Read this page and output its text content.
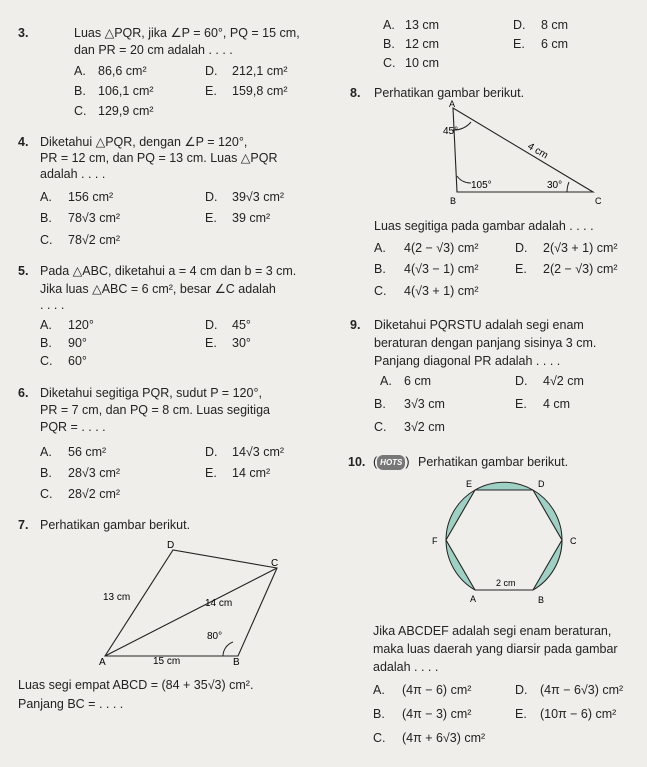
3.	Luas △PQR, jika ∠P = 60°, PQ = 15 cm,
dan PR = 20 cm adalah . . . .
A. 86,6 cm²	D. 212,1 cm²
B. 106,1 cm²	E. 159,8 cm²
C. 129,9 cm²
4. Diketahui △PQR, dengan ∠P = 120°,
PR = 12 cm, dan PQ = 13 cm. Luas △PQR
adalah . . . .
A. 156 cm²	D. 39√3 cm²
B. 78√3 cm²	E. 39 cm²
C. 78√2 cm²
5. Pada △ABC, diketahui a = 4 cm dan b = 3 cm.
Jika luas △ABC = 6 cm², besar ∠C adalah
. . . .
A. 120°	D. 45°
B. 90°	E. 30°
C. 60°
6. Diketahui segitiga PQR, sudut P = 120°,
PR = 7 cm, dan PQ = 8 cm. Luas segitiga
PQR = . . . .
A. 56 cm²	D. 14√3 cm²
B. 28√3 cm²	E. 14 cm²
C. 28√2 cm²
7. Perhatikan gambar berikut.
D
C
A	B
13 cm
14 cm
15 cm
80°
Luas segi empat ABCD = (84 + 35√3) cm².
Panjang BC = . . . .
A. 13 cm	D. 8 cm
B. 12 cm	E. 6 cm
C. 10 cm
8. Perhatikan gambar berikut.
A
B	C
45°
105°	30°
4 cm
Luas segitiga pada gambar adalah . . . .
A. 4(2 − √3) cm²	D. 2(√3 + 1) cm²
B. 4(√3 − 1) cm²	E. 2(2 − √3) cm²
C. 4(√3 + 1) cm²
9. Diketahui PQRSTU adalah segi enam
beraturan dengan panjang sisinya 3 cm.
Panjang diagonal PR adalah . . . .
A. 6 cm	D. 4√2 cm
B. 3√3 cm	E. 4 cm
C. 3√2 cm
10. ( HOTS ) Perhatikan gambar berikut.
A	B
C
D
E
F
2 cm
Jika ABCDEF adalah segi enam beraturan,
maka luas daerah yang diarsir pada gambar
adalah . . . .
A. (4π − 6) cm²	D. (4π − 6√3) cm²
B. (4π − 3) cm²	E. (10π − 6) cm²
C. (4π + 6√3) cm²
